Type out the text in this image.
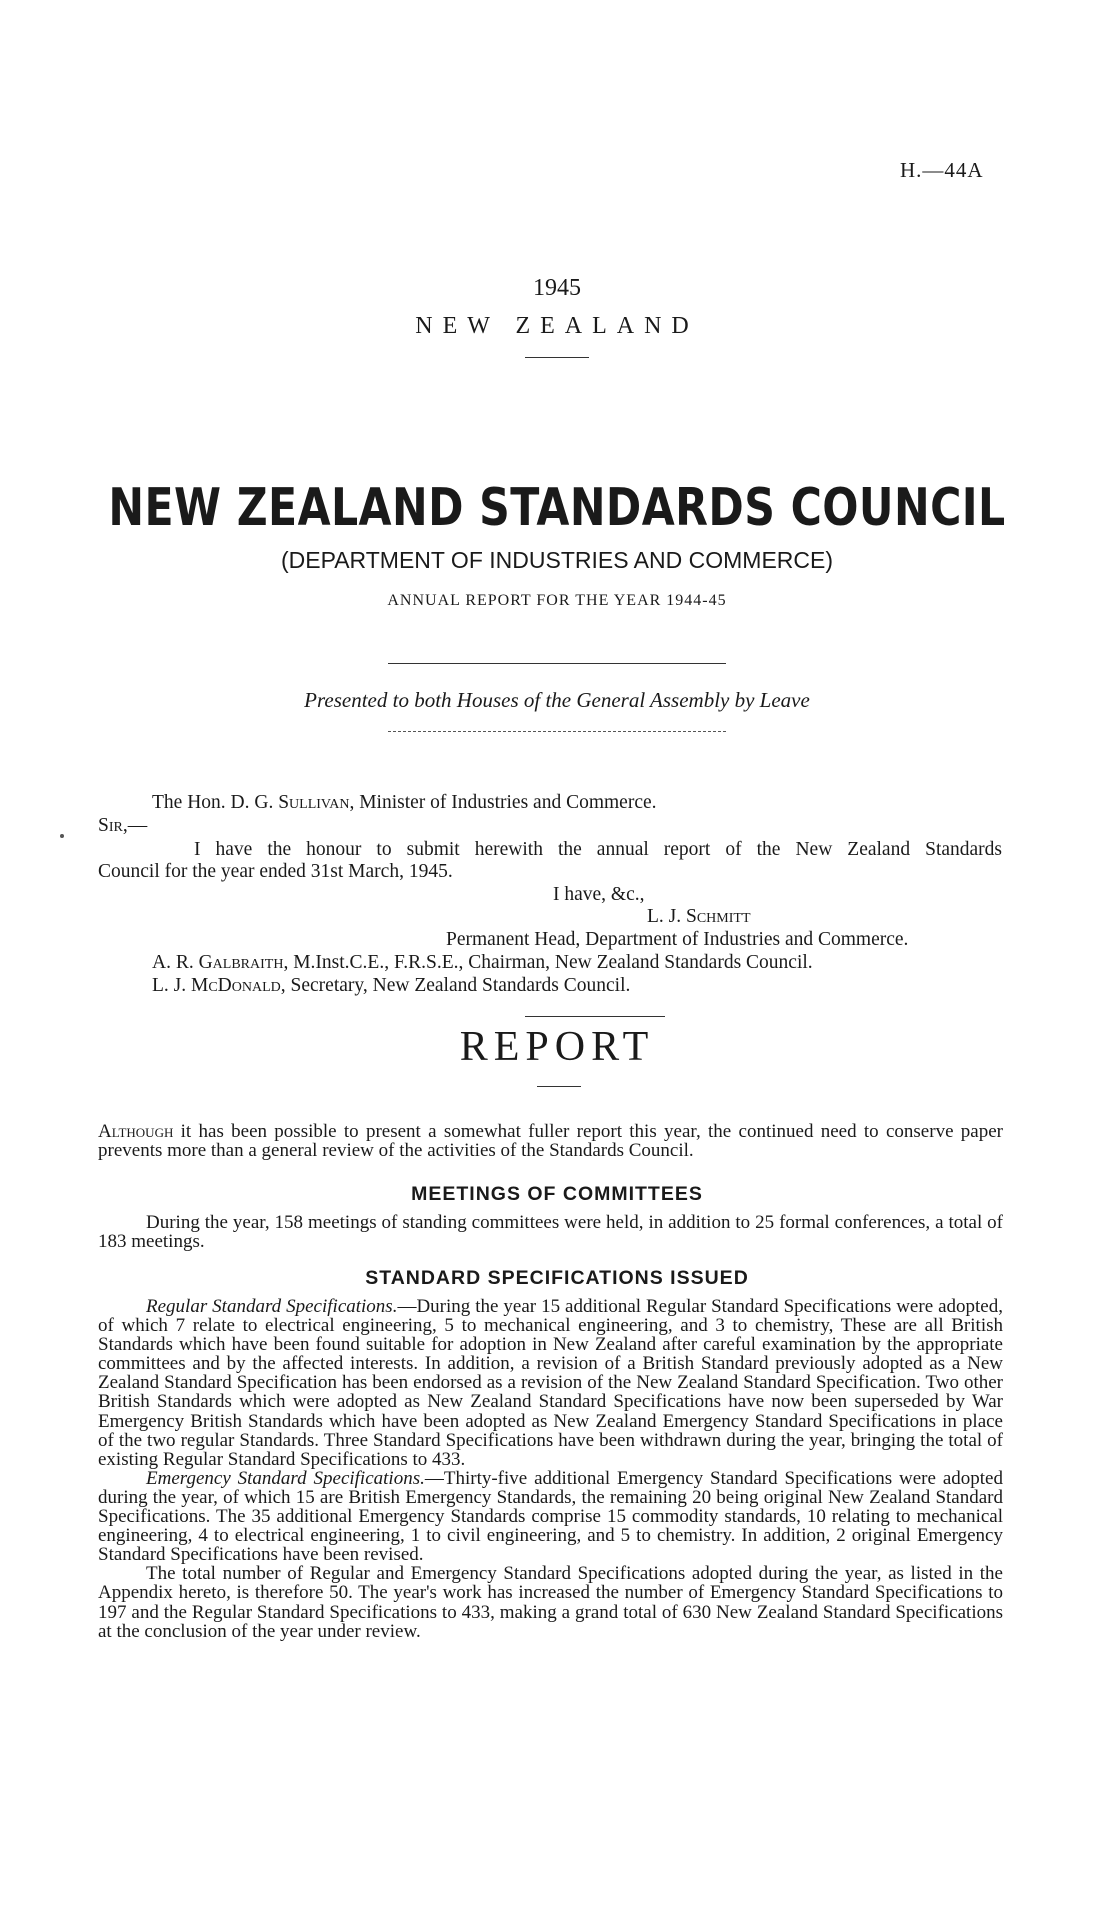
H.—44A
1945
NEW ZEALAND
NEW ZEALAND STANDARDS COUNCIL
(DEPARTMENT OF INDUSTRIES AND COMMERCE)
ANNUAL REPORT FOR THE YEAR 1944-45
Presented to both Houses of the General Assembly by Leave
The Hon. D. G. Sullivan, Minister of Industries and Commerce.
Sir,—
I have the honour to submit herewith the annual report of the New Zealand Standards
Council for the year ended 31st March, 1945.
I have, &c.,
L. J. Schmitt
Permanent Head, Department of Industries and Commerce.
A. R. Galbraith, M.Inst.C.E., F.R.S.E., Chairman, New Zealand Standards Council.
L. J. McDonald, Secretary, New Zealand Standards Council.
REPORT

Although it has been possible to present a somewhat fuller report this year, the continued need to conserve paper prevents more than a general review of the activities of the Standards Council.

MEETINGS OF COMMITTEES

During the year, 158 meetings of standing committees were held, in addition to 25 formal conferences, a total of 183 meetings.

STANDARD SPECIFICATIONS ISSUED

Regular Standard Specifications.—During the year 15 additional Regular Standard Specifications were adopted, of which 7 relate to electrical engineering, 5 to mechanical engineering, and 3 to chemistry, These are all British Standards which have been found suitable for adoption in New Zealand after careful examination by the appropriate committees and by the affected interests. In addition, a revision of a British Standard previously adopted as a New Zealand Standard Specification has been endorsed as a revision of the New Zealand Standard Specification. Two other British Standards which were adopted as New Zealand Standard Specifications have now been superseded by War Emergency British Standards which have been adopted as New Zealand Emergency Standard Specifications in place of the two regular Standards. Three Standard Specifications have been withdrawn during the year, bringing the total of existing Regular Standard Specifications to 433.

Emergency Standard Specifications.—Thirty-five additional Emergency Standard Specifications were adopted during the year, of which 15 are British Emergency Standards, the remaining 20 being original New Zealand Standard Specifications. The 35 additional Emergency Standards comprise 15 commodity standards, 10 relating to mechanical engineering, 4 to electrical engineering, 1 to civil engineering, and 5 to chemistry. In addition, 2 original Emergency Standard Specifications have been revised.

The total number of Regular and Emergency Standard Specifications adopted during the year, as listed in the Appendix hereto, is therefore 50. The year's work has increased the number of Emergency Standard Specifications to 197 and the Regular Standard Specifications to 433, making a grand total of 630 New Zealand Standard Specifications at the conclusion of the year under review.
